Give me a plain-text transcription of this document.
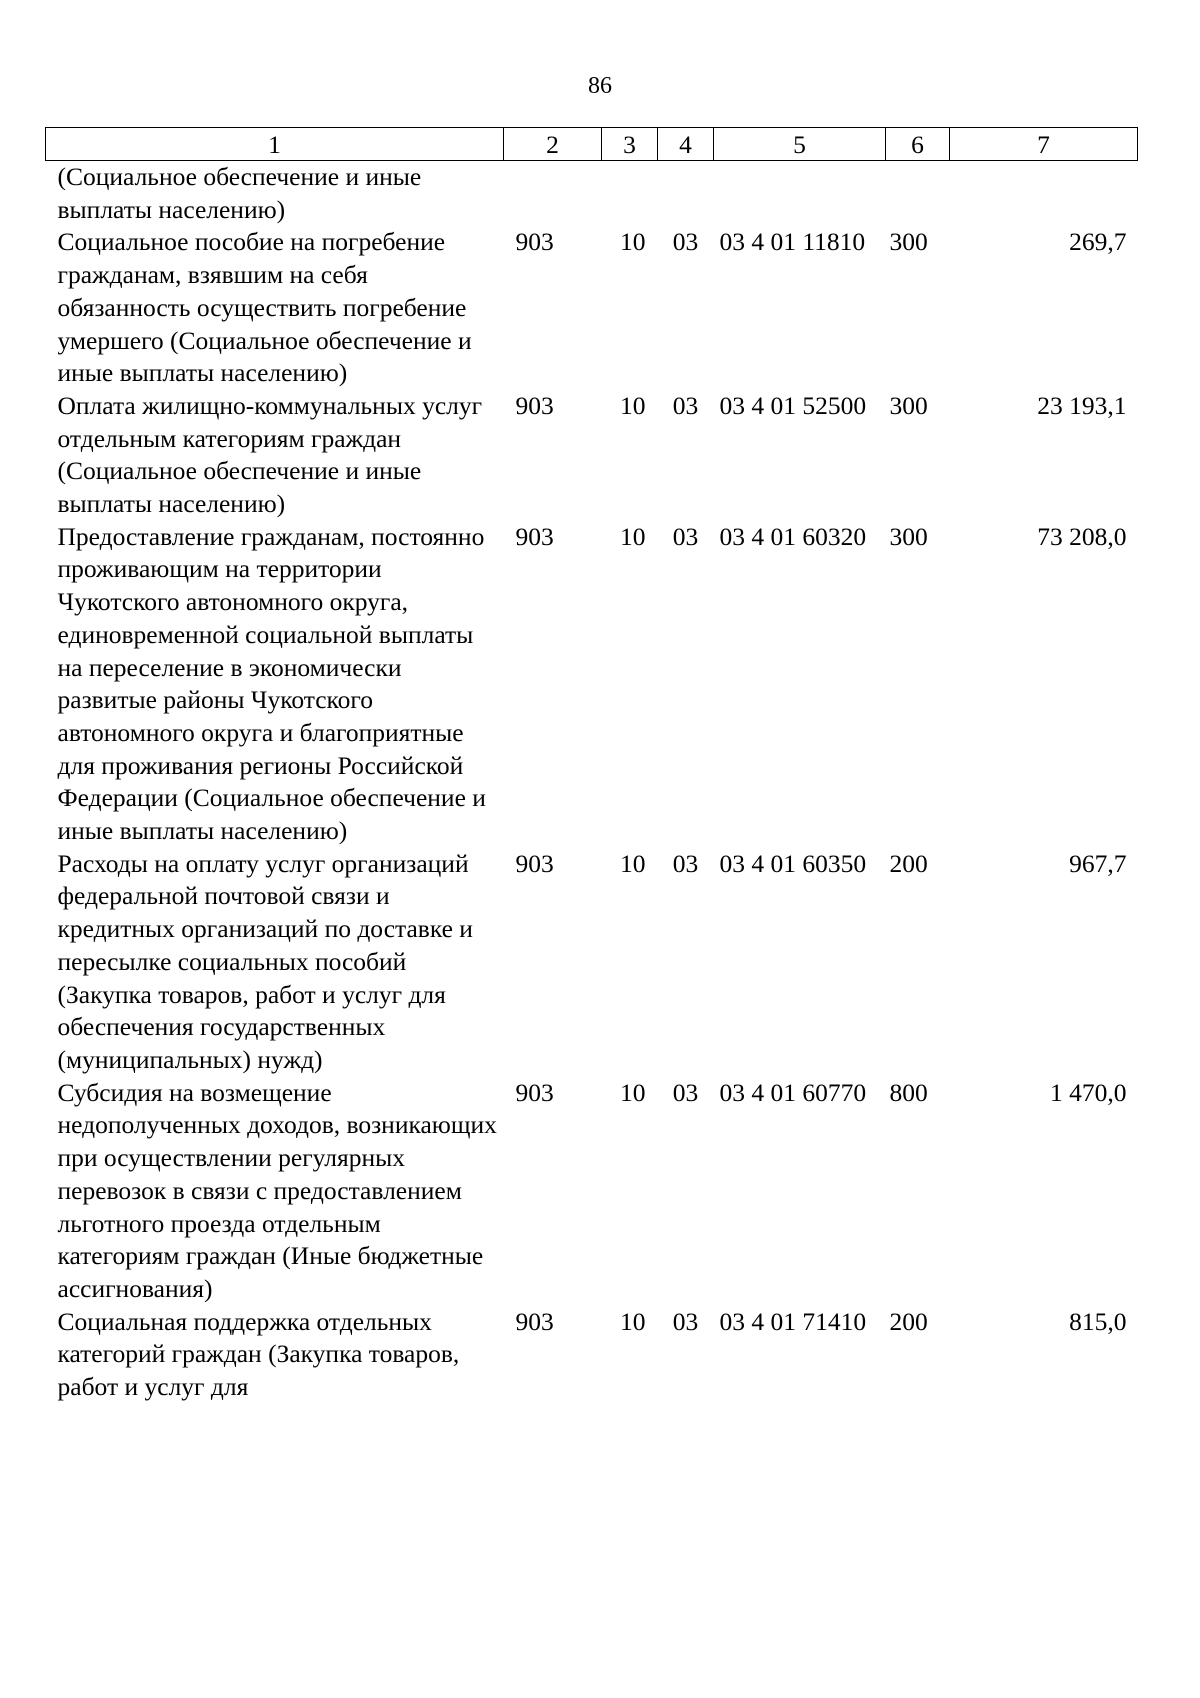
86
1	2	3	4	5	6	7
(Социальное обеспечение и иные выплаты населению)						
Социальное пособие на погребение гражданам, взявшим на себя обязанность осуществить погребение умершего (Социальное обеспечение и иные выплаты населению)	903	10	03	03 4 01 11810	300	269,7
Оплата жилищно-коммунальных услуг отдельным категориям граждан (Социальное обеспечение и иные выплаты населению)	903	10	03	03 4 01 52500	300	23 193,1
Предоставление гражданам, постоянно проживающим на территории Чукотского автономного округа, единовременной социальной выплаты на переселение в экономически развитые районы Чукотского автономного округа и благоприятные для проживания регионы Российской Федерации (Социальное обеспечение и иные выплаты населению)	903	10	03	03 4 01 60320	300	73 208,0
Расходы на оплату услуг организаций федеральной почтовой связи и кредитных организаций по доставке и пересылке социальных пособий (Закупка товаров, работ и услуг для обеспечения государственных (муниципальных) нужд)	903	10	03	03 4 01 60350	200	967,7
Субсидия на возмещение недополученных доходов, возникающих при осуществлении регулярных перевозок в связи с предоставлением льготного проезда отдельным категориям граждан (Иные бюджетные ассигнования)	903	10	03	03 4 01 60770	800	1 470,0
Социальная поддержка отдельных категорий граждан (Закупка товаров, работ и услуг для	903	10	03	03 4 01 71410	200	815,0
